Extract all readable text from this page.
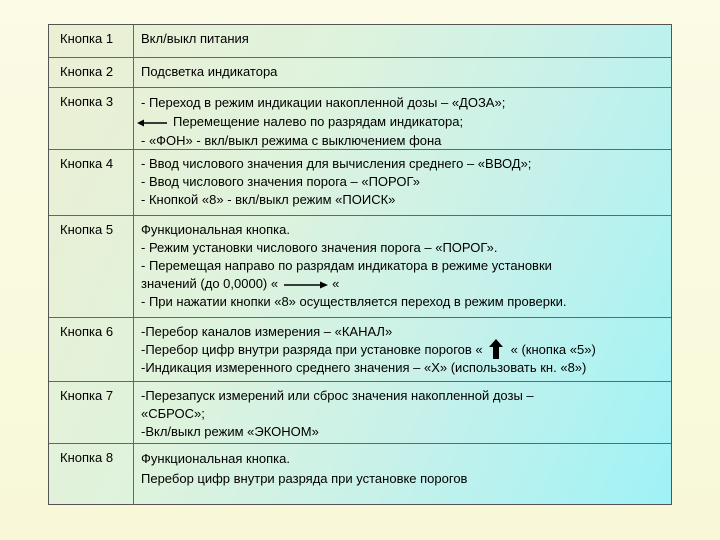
Кнопка 1	Вкл/выкл питания
Кнопка 2	Подсветка индикатора
Кнопка 3	- Переход в режим индикации накопленной дозы – «ДОЗА»;
Перемещение налево по разрядам индикатора;
- «ФОН» - вкл/выкл режима с выключением фона
Кнопка 4	- Ввод числового значения для вычисления среднего – «ВВОД»;
- Ввод числового значения порога – «ПОРОГ»
- Кнопкой «8» - вкл/выкл режим «ПОИСК»
Кнопка 5	Функциональная кнопка.
- Режим установки числового значения порога – «ПОРОГ».
- Перемещая направо по разрядам индикатора в режиме установки
значений (до 0,0000) «	«
- При нажатии кнопки «8» осуществляется переход в режим проверки.
Кнопка 6	-Перебор каналов измерения – «КАНАЛ»
-Перебор цифр внутри разряда при установке порогов « « (кнопка «5»)
-Индикация измеренного среднего значения – «Х» (использовать кн. «8»)
Кнопка 7	-Перезапуск измерений или сброс значения накопленной дозы –
«СБРОС»;
-Вкл/выкл режим «ЭКОНОМ»
Кнопка 8	Функциональная кнопка.
Перебор цифр внутри разряда при установке порогов
